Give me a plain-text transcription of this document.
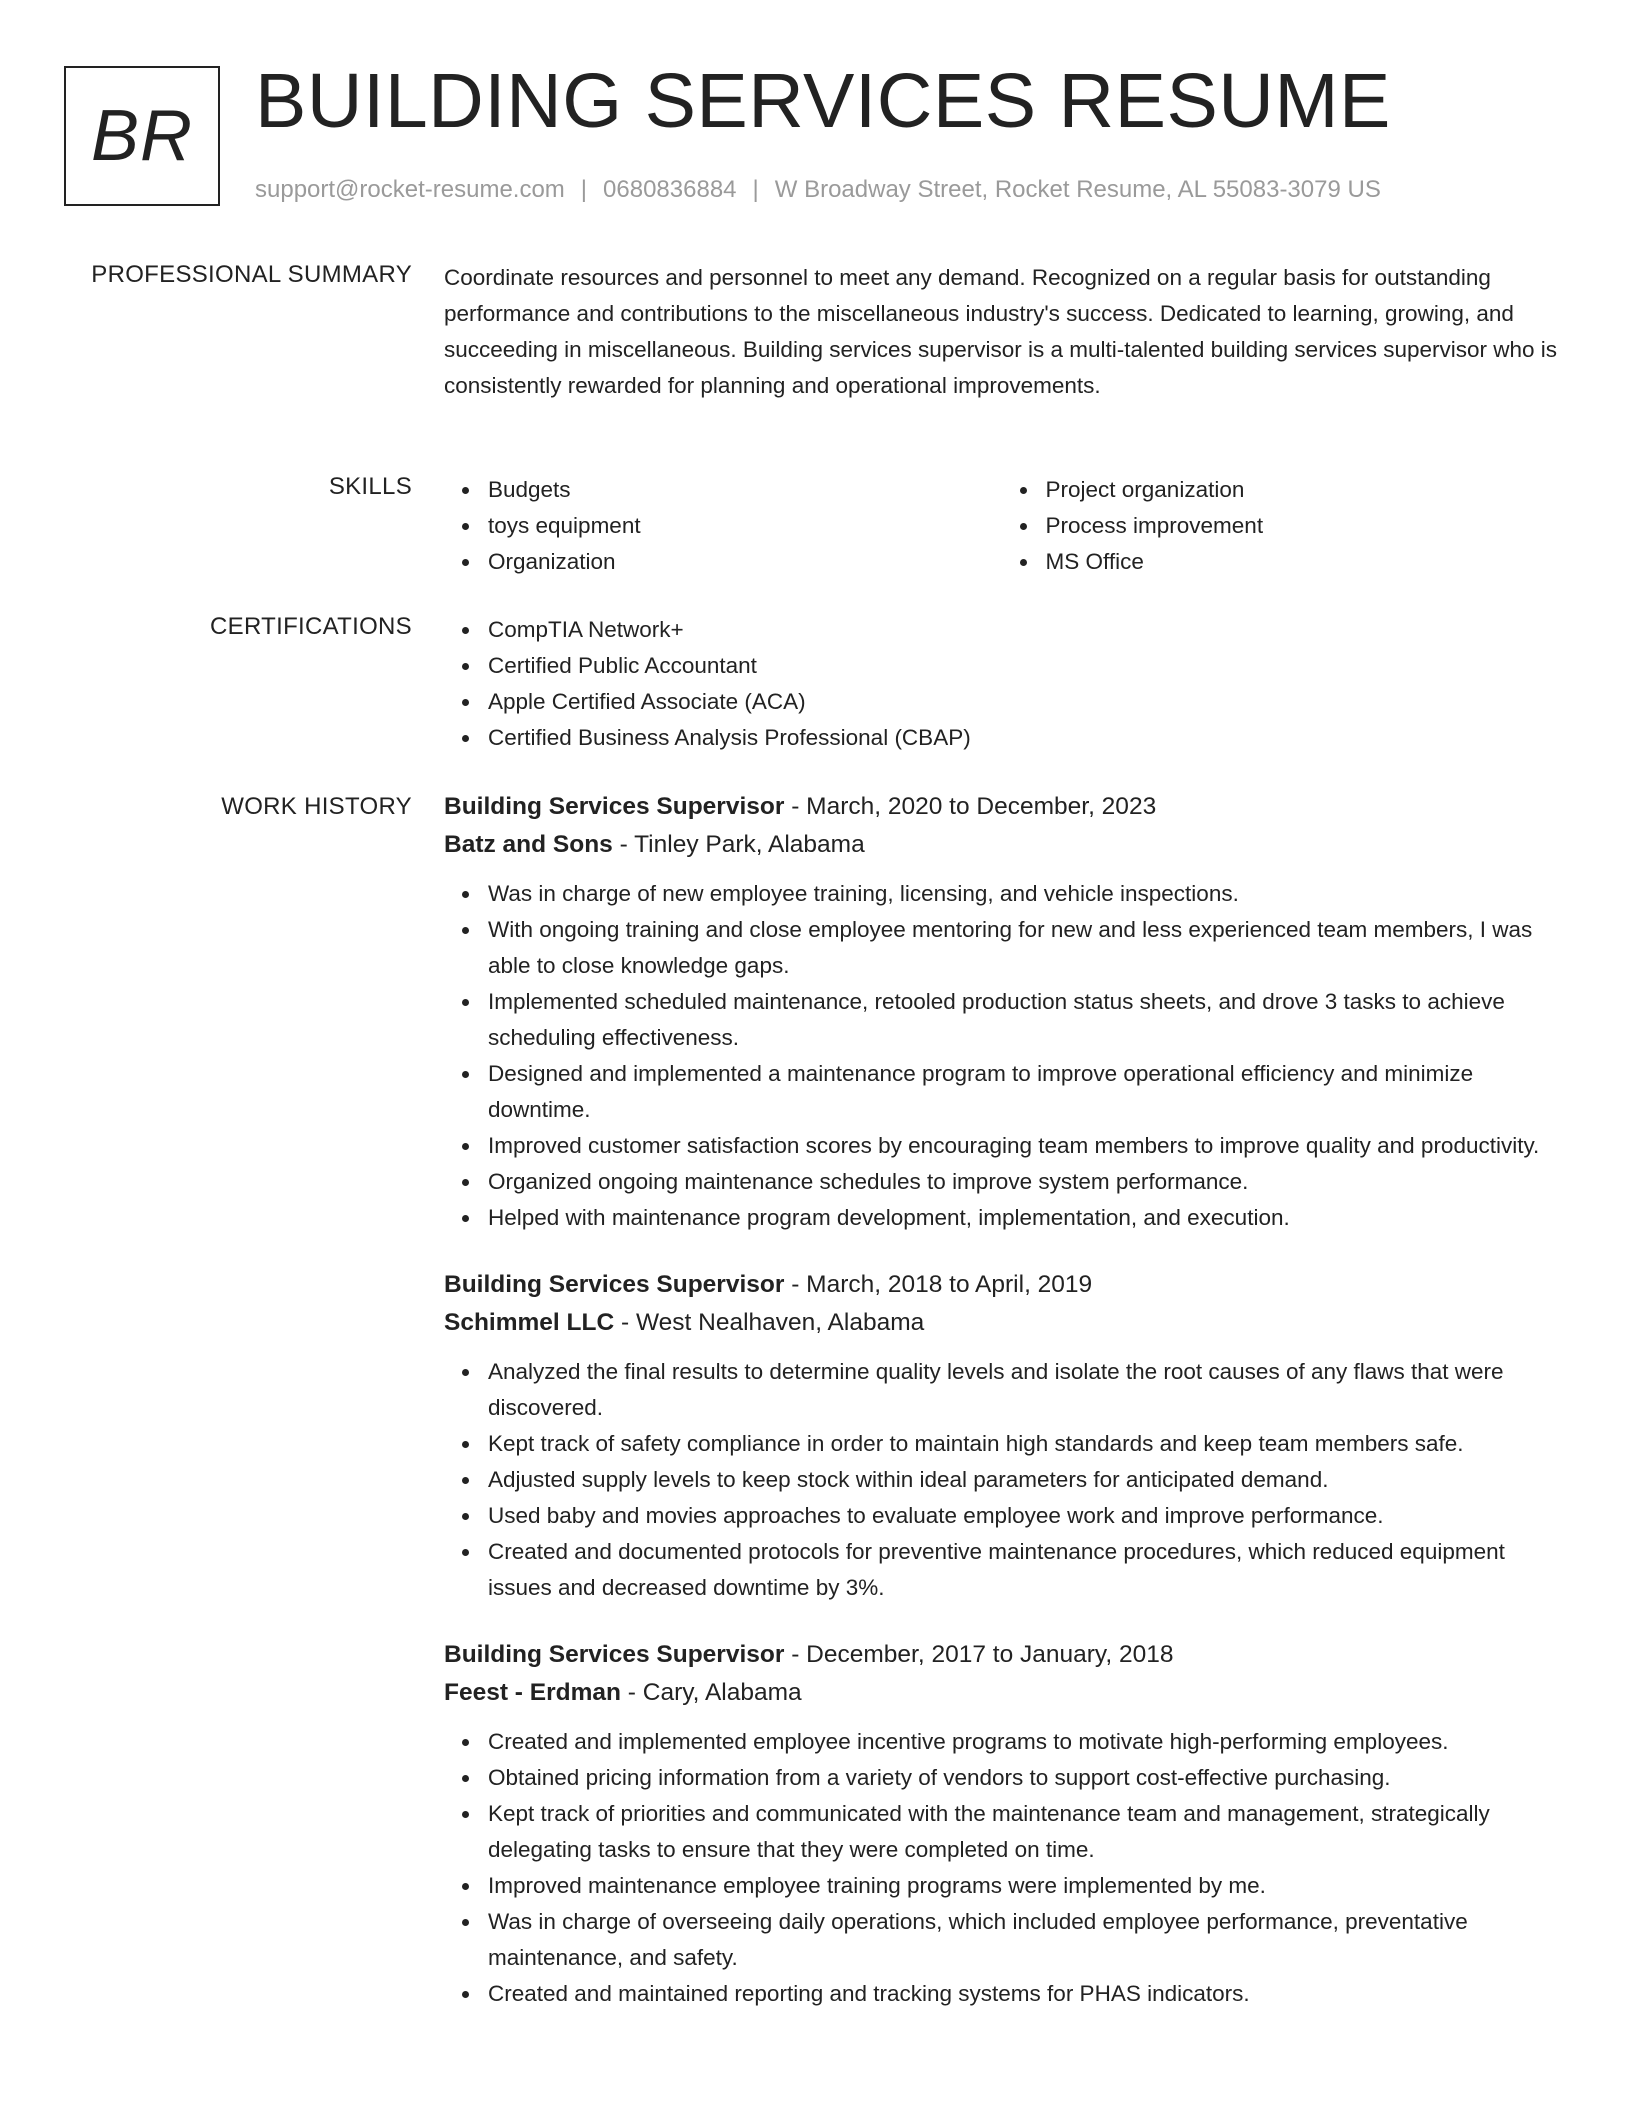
BR BUILDING SERVICES RESUME
support@rocket-resume.com | 0680836884 | W Broadway Street, Rocket Resume, AL 55083-3079 US
PROFESSIONAL SUMMARY Coordinate resources and personnel to meet any demand. Recognized on a regular basis for outstanding performance and contributions to the miscellaneous industry's success. Dedicated to learning, growing, and succeeding in miscellaneous. Building services supervisor is a multi-talented building services supervisor who is consistently rewarded for planning and operational improvements.

SKILLS	Budgets
toys equipment
Organization
Project organization
Process improvement
MS Office
CERTIFICATIONS	CompTIA Network+
Certified Public Accountant
Apple Certified Associate (ACA)
Certified Business Analysis Professional (CBAP)
WORK HISTORY Building Services Supervisor - March, 2020 to December, 2023
Batz and Sons - Tinley Park, Alabama
Was in charge of new employee training, licensing, and vehicle inspections.
With ongoing training and close employee mentoring for new and less experienced team members, I was able to close knowledge gaps.
Implemented scheduled maintenance, retooled production status sheets, and drove 3 tasks to achieve scheduling effectiveness.
Designed and implemented a maintenance program to improve operational efficiency and minimize downtime.
Improved customer satisfaction scores by encouraging team members to improve quality and productivity.
Organized ongoing maintenance schedules to improve system performance.
Helped with maintenance program development, implementation, and execution.
Building Services Supervisor - March, 2018 to April, 2019
Schimmel LLC - West Nealhaven, Alabama
Analyzed the final results to determine quality levels and isolate the root causes of any flaws that were discovered.
Kept track of safety compliance in order to maintain high standards and keep team members safe.
Adjusted supply levels to keep stock within ideal parameters for anticipated demand.
Used baby and movies approaches to evaluate employee work and improve performance.
Created and documented protocols for preventive maintenance procedures, which reduced equipment issues and decreased downtime by 3%.
Building Services Supervisor - December, 2017 to January, 2018
Feest - Erdman - Cary, Alabama
Created and implemented employee incentive programs to motivate high-performing employees.
Obtained pricing information from a variety of vendors to support cost-effective purchasing.
Kept track of priorities and communicated with the maintenance team and management, strategically delegating tasks to ensure that they were completed on time.
Improved maintenance employee training programs were implemented by me.
Was in charge of overseeing daily operations, which included employee performance, preventative maintenance, and safety.
Created and maintained reporting and tracking systems for PHAS indicators.
